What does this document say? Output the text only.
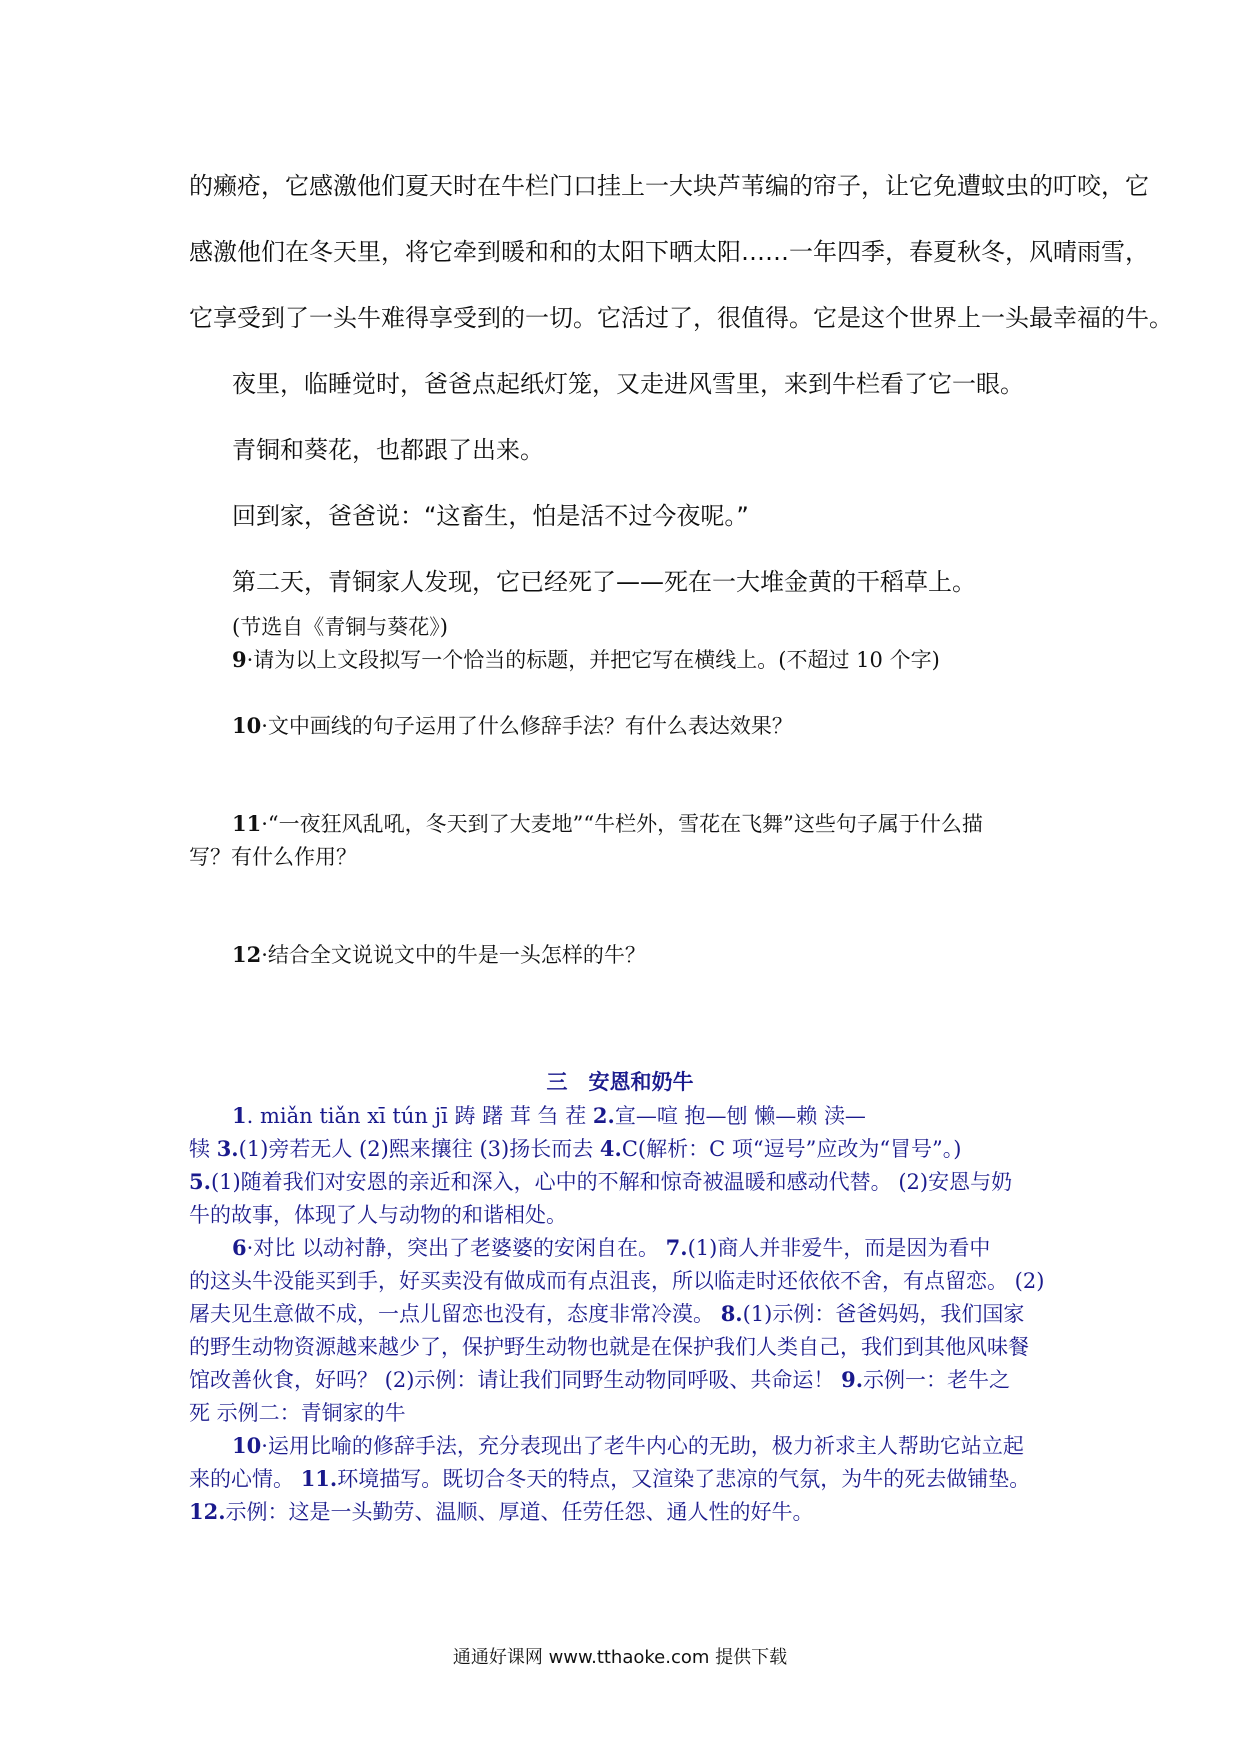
的癞疮，它感激他们夏天时在牛栏门口挂上一大块芦苇编的帘子，让它免遭蚊虫的叮咬，它
感激他们在冬天里，将它牵到暖和和的太阳下晒太阳……一年四季，春夏秋冬，风晴雨雪，
它享受到了一头牛难得享受到的一切。它活过了，很值得。它是这个世界上一头最幸福的牛。
夜里，临睡觉时，爸爸点起纸灯笼，又走进风雪里，来到牛栏看了它一眼。
青铜和葵花，也都跟了出来。
回到家，爸爸说：“这畜生，怕是活不过今夜呢。”
第二天，青铜家人发现，它已经死了——死在一大堆金黄的干稻草上。
(节选自《青铜与葵花》)
9·请为以上文段拟写一个恰当的标题，并把它写在横线上。(不超过 10 个字)
10·文中画线的句子运用了什么修辞手法？有什么表达效果？
11·“一夜狂风乱吼，冬天到了大麦地”“牛栏外，雪花在飞舞”这些句子属于什么描
写？有什么作用？
12·结合全文说说文中的牛是一头怎样的牛？
三　安恩和奶牛
1. miǎn tiǎn xī tún jī 踌 躇 茸 刍 茬 2.宣—喧 抱—刨 懒—赖 渎—
犊 3.(1)旁若无人 (2)熙来攘往 (3)扬长而去 4.C(解析：C 项“逗号”应改为“冒号”。)
5.(1)随着我们对安恩的亲近和深入，心中的不解和惊奇被温暖和感动代替。 (2)安恩与奶
牛的故事，体现了人与动物的和谐相处。
6·对比 以动衬静，突出了老婆婆的安闲自在。 7.(1)商人并非爱牛，而是因为看中
的这头牛没能买到手，好买卖没有做成而有点沮丧，所以临走时还依依不舍，有点留恋。 (2)
屠夫见生意做不成，一点儿留恋也没有，态度非常冷漠。 8.(1)示例：爸爸妈妈，我们国家
的野生动物资源越来越少了，保护野生动物也就是在保护我们人类自己，我们到其他风味餐
馆改善伙食，好吗？ (2)示例：请让我们同野生动物同呼吸、共命运！ 9.示例一：老牛之
死 示例二：青铜家的牛
10·运用比喻的修辞手法，充分表现出了老牛内心的无助，极力祈求主人帮助它站立起
来的心情。 11.环境描写。既切合冬天的特点，又渲染了悲凉的气氛，为牛的死去做铺垫。
12.示例：这是一头勤劳、温顺、厚道、任劳任怨、通人性的好牛。
通通好课网 www.tthaoke.com 提供下载
